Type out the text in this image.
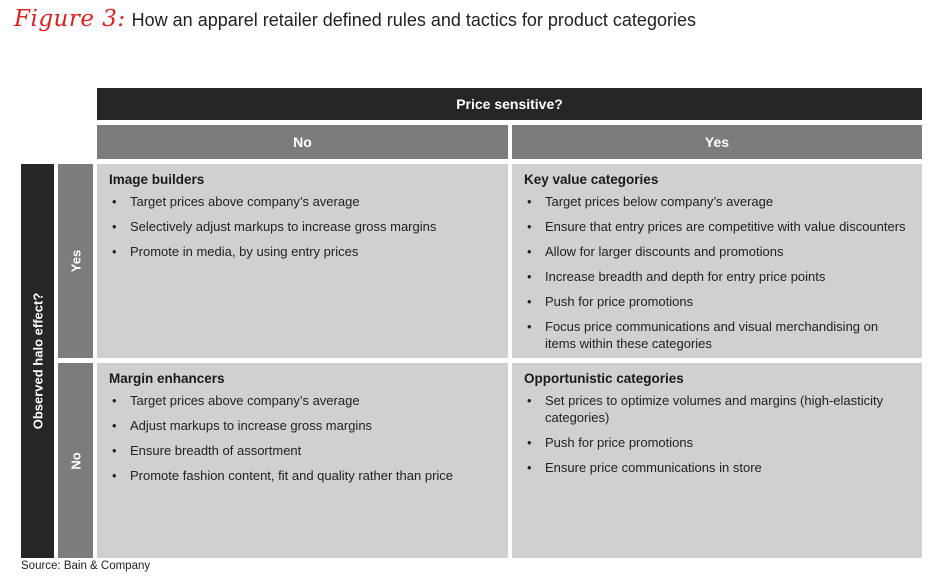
Figure 3: How an apparel retailer defined rules and tactics for product categories
Price sensitive?
No	Yes
Observed halo effect?
Yes
No
Image builders
• Target prices above company’s average
• Selectively adjust markups to increase gross margins
• Promote in media, by using entry prices
Key value categories
• Target prices below company’s average
• Ensure that entry prices are competitive with value discounters
• Allow for larger discounts and promotions
• Increase breadth and depth for entry price points
• Push for price promotions
• Focus price communications and visual merchandising on items within these categories
Margin enhancers
• Target prices above company’s average
• Adjust markups to increase gross margins
• Ensure breadth of assortment
• Promote fashion content, fit and quality rather than price
Opportunistic categories
• Set prices to optimize volumes and margins (high-elasticity categories)
• Push for price promotions
• Ensure price communications in store
Source: Bain & Company
